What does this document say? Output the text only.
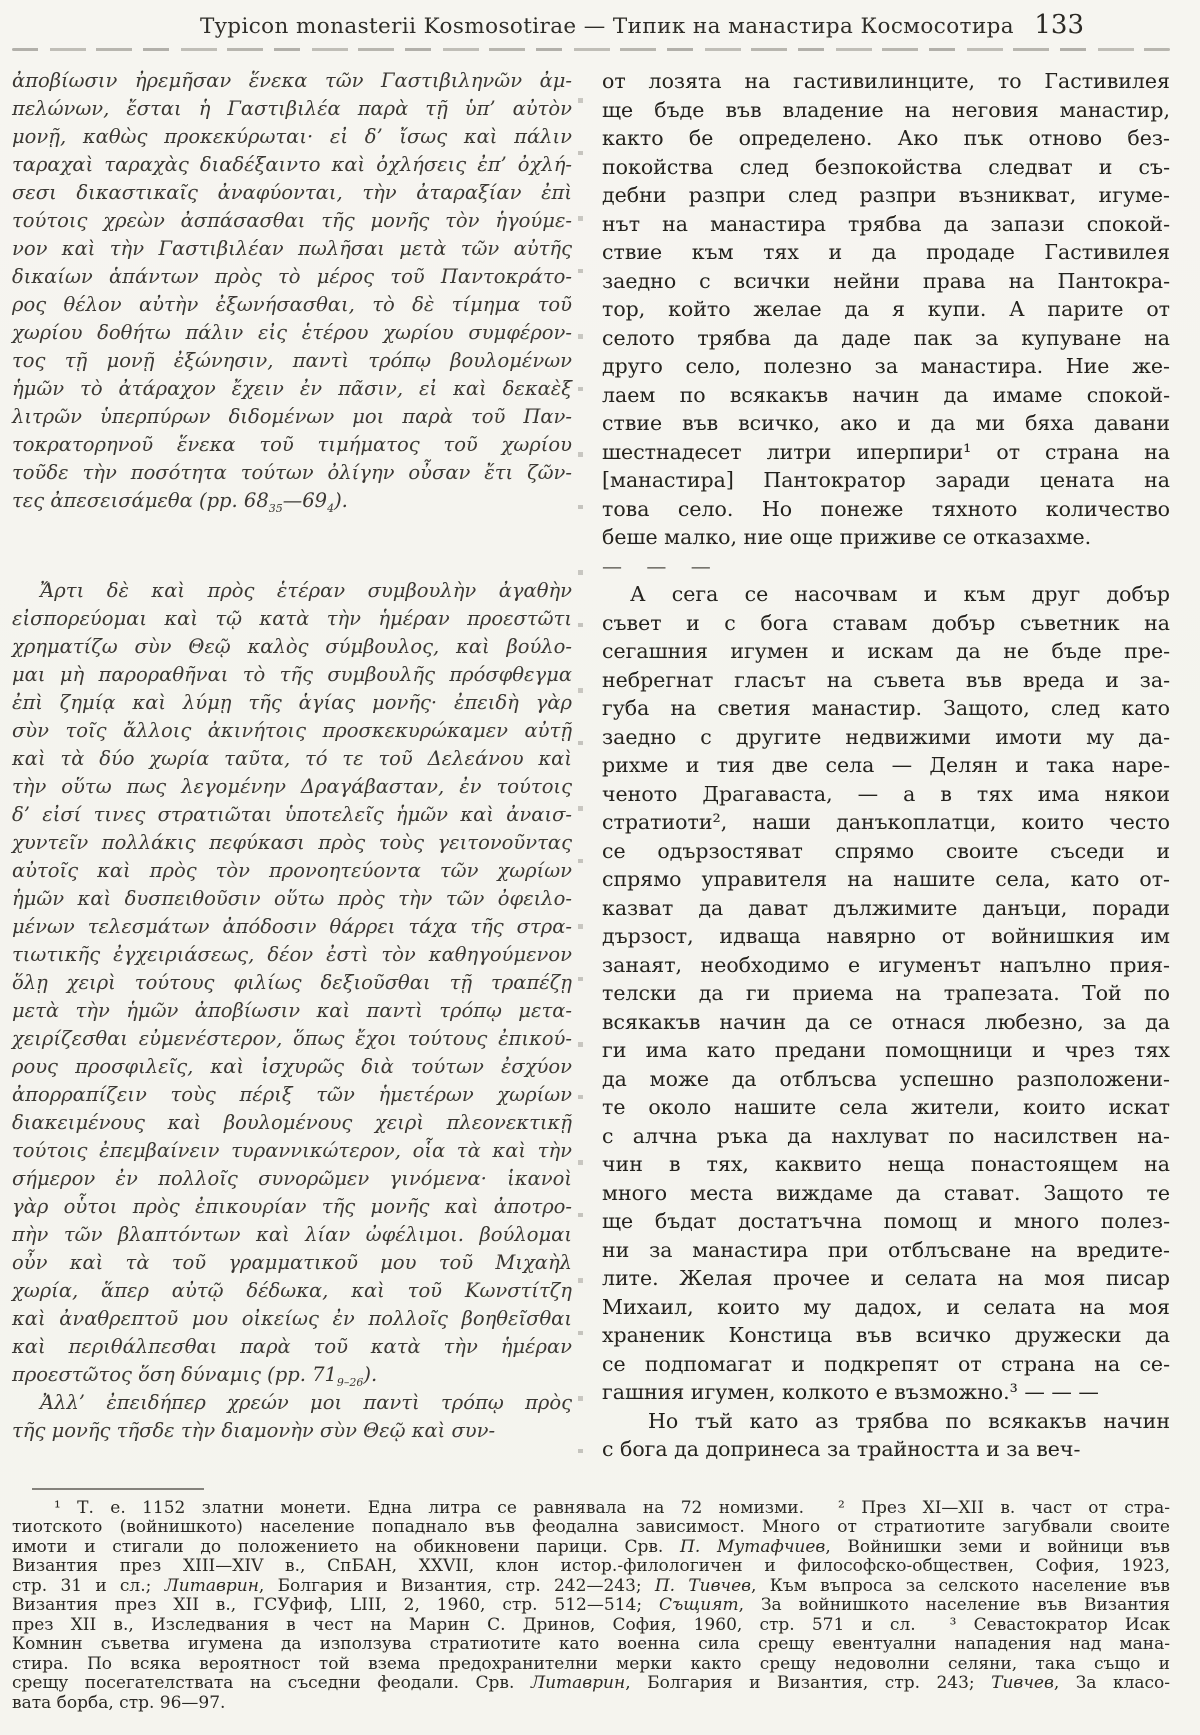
Typicon monasterii Kosmosotirae — Типик на манастира Космосотира 133
ἀποβίωσιν ἠρεμῆσαν ἕνεκα τῶν Γαστιβιληνῶν ἀμ-
πελώνων, ἔσται ἡ Γαστιβιλέα παρὰ τῇ ὑπ’ αὐτὸν
μονῇ, καθὼς προκεκύρωται· εἰ δ’ ἴσως καὶ πάλιν
ταραχαὶ ταραχὰς διαδέξαιντο καὶ ὀχλήσεις ἐπ’ ὀχλή-
σεσι δικαστικαῖς ἀναφύονται, τὴν ἀταραξίαν ἐπὶ
τούτοις χρεὼν ἀσπάσασθαι τῆς μονῆς τὸν ἡγούμε-
νον καὶ τὴν Γαστιβιλέαν πωλῆσαι μετὰ τῶν αὐτῆς
δικαίων ἁπάντων πρὸς τὸ μέρος τοῦ Παντοκράτο-
ρος θέλον αὐτὴν ἐξωνήσασθαι, τὸ δὲ τίμημα τοῦ
χωρίου δοθήτω πάλιν εἰς ἑτέρου χωρίου συμφέρον-
τος τῇ μονῇ ἐξώνησιν, παντὶ τρόπῳ βουλομένων
ἡμῶν τὸ ἀτάραχον ἔχειν ἐν πᾶσιν, εἰ καὶ δεκαὲξ
λιτρῶν ὑπερπύρων διδομένων μοι παρὰ τοῦ Παν-
τοκρατορηνοῦ ἕνεκα τοῦ τιμήματος τοῦ χωρίου
τοῦδε τὴν ποσότητα τούτων ὀλίγην οὖσαν ἔτι ζῶν-
τες ἀπεσεισάμεθα (pp. $68_{35}—69_4$).
Ἄρτι δὲ καὶ πρὸς ἑτέραν συμβουλὴν ἀγαθὴν
εἰσπορεύομαι καὶ τῷ κατὰ τὴν ἡμέραν προεστῶτι
χρηματίζω σὺν Θεῷ καλὸς σύμβουλος, καὶ βούλο-
μαι μὴ παροραθῆναι τὸ τῆς συμβουλῆς πρόσφθεγμα
ἐπὶ ζημίᾳ καὶ λύμῃ τῆς ἁγίας μονῆς· ἐπειδὴ γὰρ
σὺν τοῖς ἄλλοις ἀκινήτοις προσκεκυρώκαμεν αὐτῇ
καὶ τὰ δύο χωρία ταῦτα, τό τε τοῦ Δελεάνου καὶ
τὴν οὕτω πως λεγομένην Δραγάβασταν, ἐν τούτοις
δ’ εἰσί τινες στρατιῶται ὑποτελεῖς ἡμῶν καὶ ἀναισ-
χυντεῖν πολλάκις πεφύκασι πρὸς τοὺς γειτονοῦντας
αὐτοῖς καὶ πρὸς τὸν προνοητεύοντα τῶν χωρίων
ἡμῶν καὶ δυσπειθοῦσιν οὕτω πρὸς τὴν τῶν ὀφειλο-
μένων τελεσμάτων ἀπόδοσιν θάρρει τάχα τῆς στρα-
τιωτικῆς ἐγχειριάσεως, δέον ἐστὶ τὸν καθηγούμενον
ὅλῃ χειρὶ τούτους φιλίως δεξιοῦσθαι τῇ τραπέζῃ
μετὰ τὴν ἡμῶν ἀποβίωσιν καὶ παντὶ τρόπῳ μετα-
χειρίζεσθαι εὐμενέστερον, ὅπως ἔχοι τούτους ἐπικού-
ρους προσφιλεῖς, καὶ ἰσχυρῶς διὰ τούτων ἐσχύον
ἀπορραπίζειν τοὺς πέριξ τῶν ἡμετέρων χωρίων
διακειμένους καὶ βουλομένους χειρὶ πλεονεκτικῇ
τούτοις ἐπεμβαίνειν τυραννικώτερον, οἷα τὰ καὶ τὴν
σήμερον ἐν πολλοῖς συνορῶμεν γινόμενα· ἱκανοὶ
γὰρ οὗτοι πρὸς ἐπικουρίαν τῆς μονῆς καὶ ἀποτρο-
πὴν τῶν βλαπτόντων καὶ λίαν ὠφέλιμοι. βούλομαι
οὖν καὶ τὰ τοῦ γραμματικοῦ μου τοῦ Μιχαὴλ
χωρία, ἅπερ αὐτῷ δέδωκα, καὶ τοῦ Κωνστίτζη
καὶ ἀναθρεπτοῦ μου οἰκείως ἐν πολλοῖς βοηθεῖσθαι
καὶ περιθάλπεσθαι παρὰ τοῦ κατὰ τὴν ἡμέραν
προεστῶτος ὅση δύναμις (pp. $71_{9-26}$).
Ἀλλ’ ἐπειδήπερ χρεών μοι παντὶ τρόπῳ πρὸς
τῆς μονῆς τῆσδε τὴν διαμονὴν σὺν Θεῷ καὶ συν-
от лозята на гастивилинците, то Гастивилея
ще бъде във владение на неговия манастир,
както бе определено. Ако пък отново без-
покойства след безпокойства следват и съ-
дебни разпри след разпри възникват, игуме-
нът на манастира трябва да запази спокой-
ствие към тях и да продаде Гастивилея
заедно с всички нейни права на Пантокра-
тор, който желае да я купи. А парите от
селото трябва да даде пак за купуване на
друго село, полезно за манастира. Ние же-
лаем по всякакъв начин да имаме спокой-
ствие във всичко, ако и да ми бяха давани
шестнадесет литри иперпири¹ от страна на
[манастира] Пантократор заради цената на
това село. Но понеже тяхното количество
беше малко, ние още приживе се отказахме.
— — —
А сега се насочвам и към друг добър
съвет и с бога ставам добър съветник на
сегашния игумен и искам да не бъде пре-
небрегнат гласът на съвета във вреда и за-
губа на светия манастир. Защото, след като
заедно с другите недвижими имоти му да-
рихме и тия две села — Делян и така наре-
ченото Драгаваста, — а в тях има някои
стратиоти², наши данъкоплатци, които често
се одързостяват спрямо своите съседи и
спрямо управителя на нашите села, като от-
казват да дават дължимите данъци, поради
дързост, идваща навярно от войнишкия им
занаят, необходимо е игуменът напълно прия-
телски да ги приема на трапезата. Той по
всякакъв начин да се отнася любезно, за да
ги има като предани помощници и чрез тях
да може да отблъсва успешно разположени-
те около нашите села жители, които искат
с алчна ръка да нахлуват по насилствен на-
чин в тях, каквито неща понастоящем на
много места виждаме да стават. Защото те
ще бъдат достатъчна помощ и много полез-
ни за манастира при отблъсване на вредите-
лите. Желая прочее и селата на моя писар
Михаил, които му дадох, и селата на моя
храненик Констица във всичко дружески да
се подпомагат и подкрепят от страна на се-
гашния игумен, колкото е възможно.³ — — —
Но тъй като аз трябва по всякакъв начин
с бога да допринеса за трайността и за веч-
¹ Т. е. 1152 златни монети. Една литра се равнявала на 72 номизми.  ² През XI—XII в. част от стра-
тиотското (войнишкото) население попаднало във феодална зависимост. Много от стратиотите загубвали своите
имоти и стигали до положението на обикновени парици. Срв. П. Мутафчиев, Войнишки земи и войници във
Византия през XIII—XIV в., СпБАН, XXVII, клон истор.-филологичен и философско-обществен, София, 1923,
стр. 31 и сл.; Литаврин, Болгария и Византия, стр. 242—243; П. Тивчев, Към въпроса за селското население във
Византия през XII в., ГСУфиф, LIII, 2, 1960, стр. 512—514; Същият, За войнишкото население във Византия
през XII в., Изследвания в чест на Марин С. Дринов, София, 1960, стр. 571 и сл.  ³ Севастократор Исак
Комнин съветва игумена да използува стратиотите като военна сила срещу евентуални нападения над мана-
стира. По всяка вероятност той взема предохранителни мерки както срещу недоволни селяни, така също и
срещу посегателствата на съседни феодали. Срв. Литаврин, Болгария и Византия, стр. 243; Тивчев, За класо-
вата борба, стр. 96—97.
